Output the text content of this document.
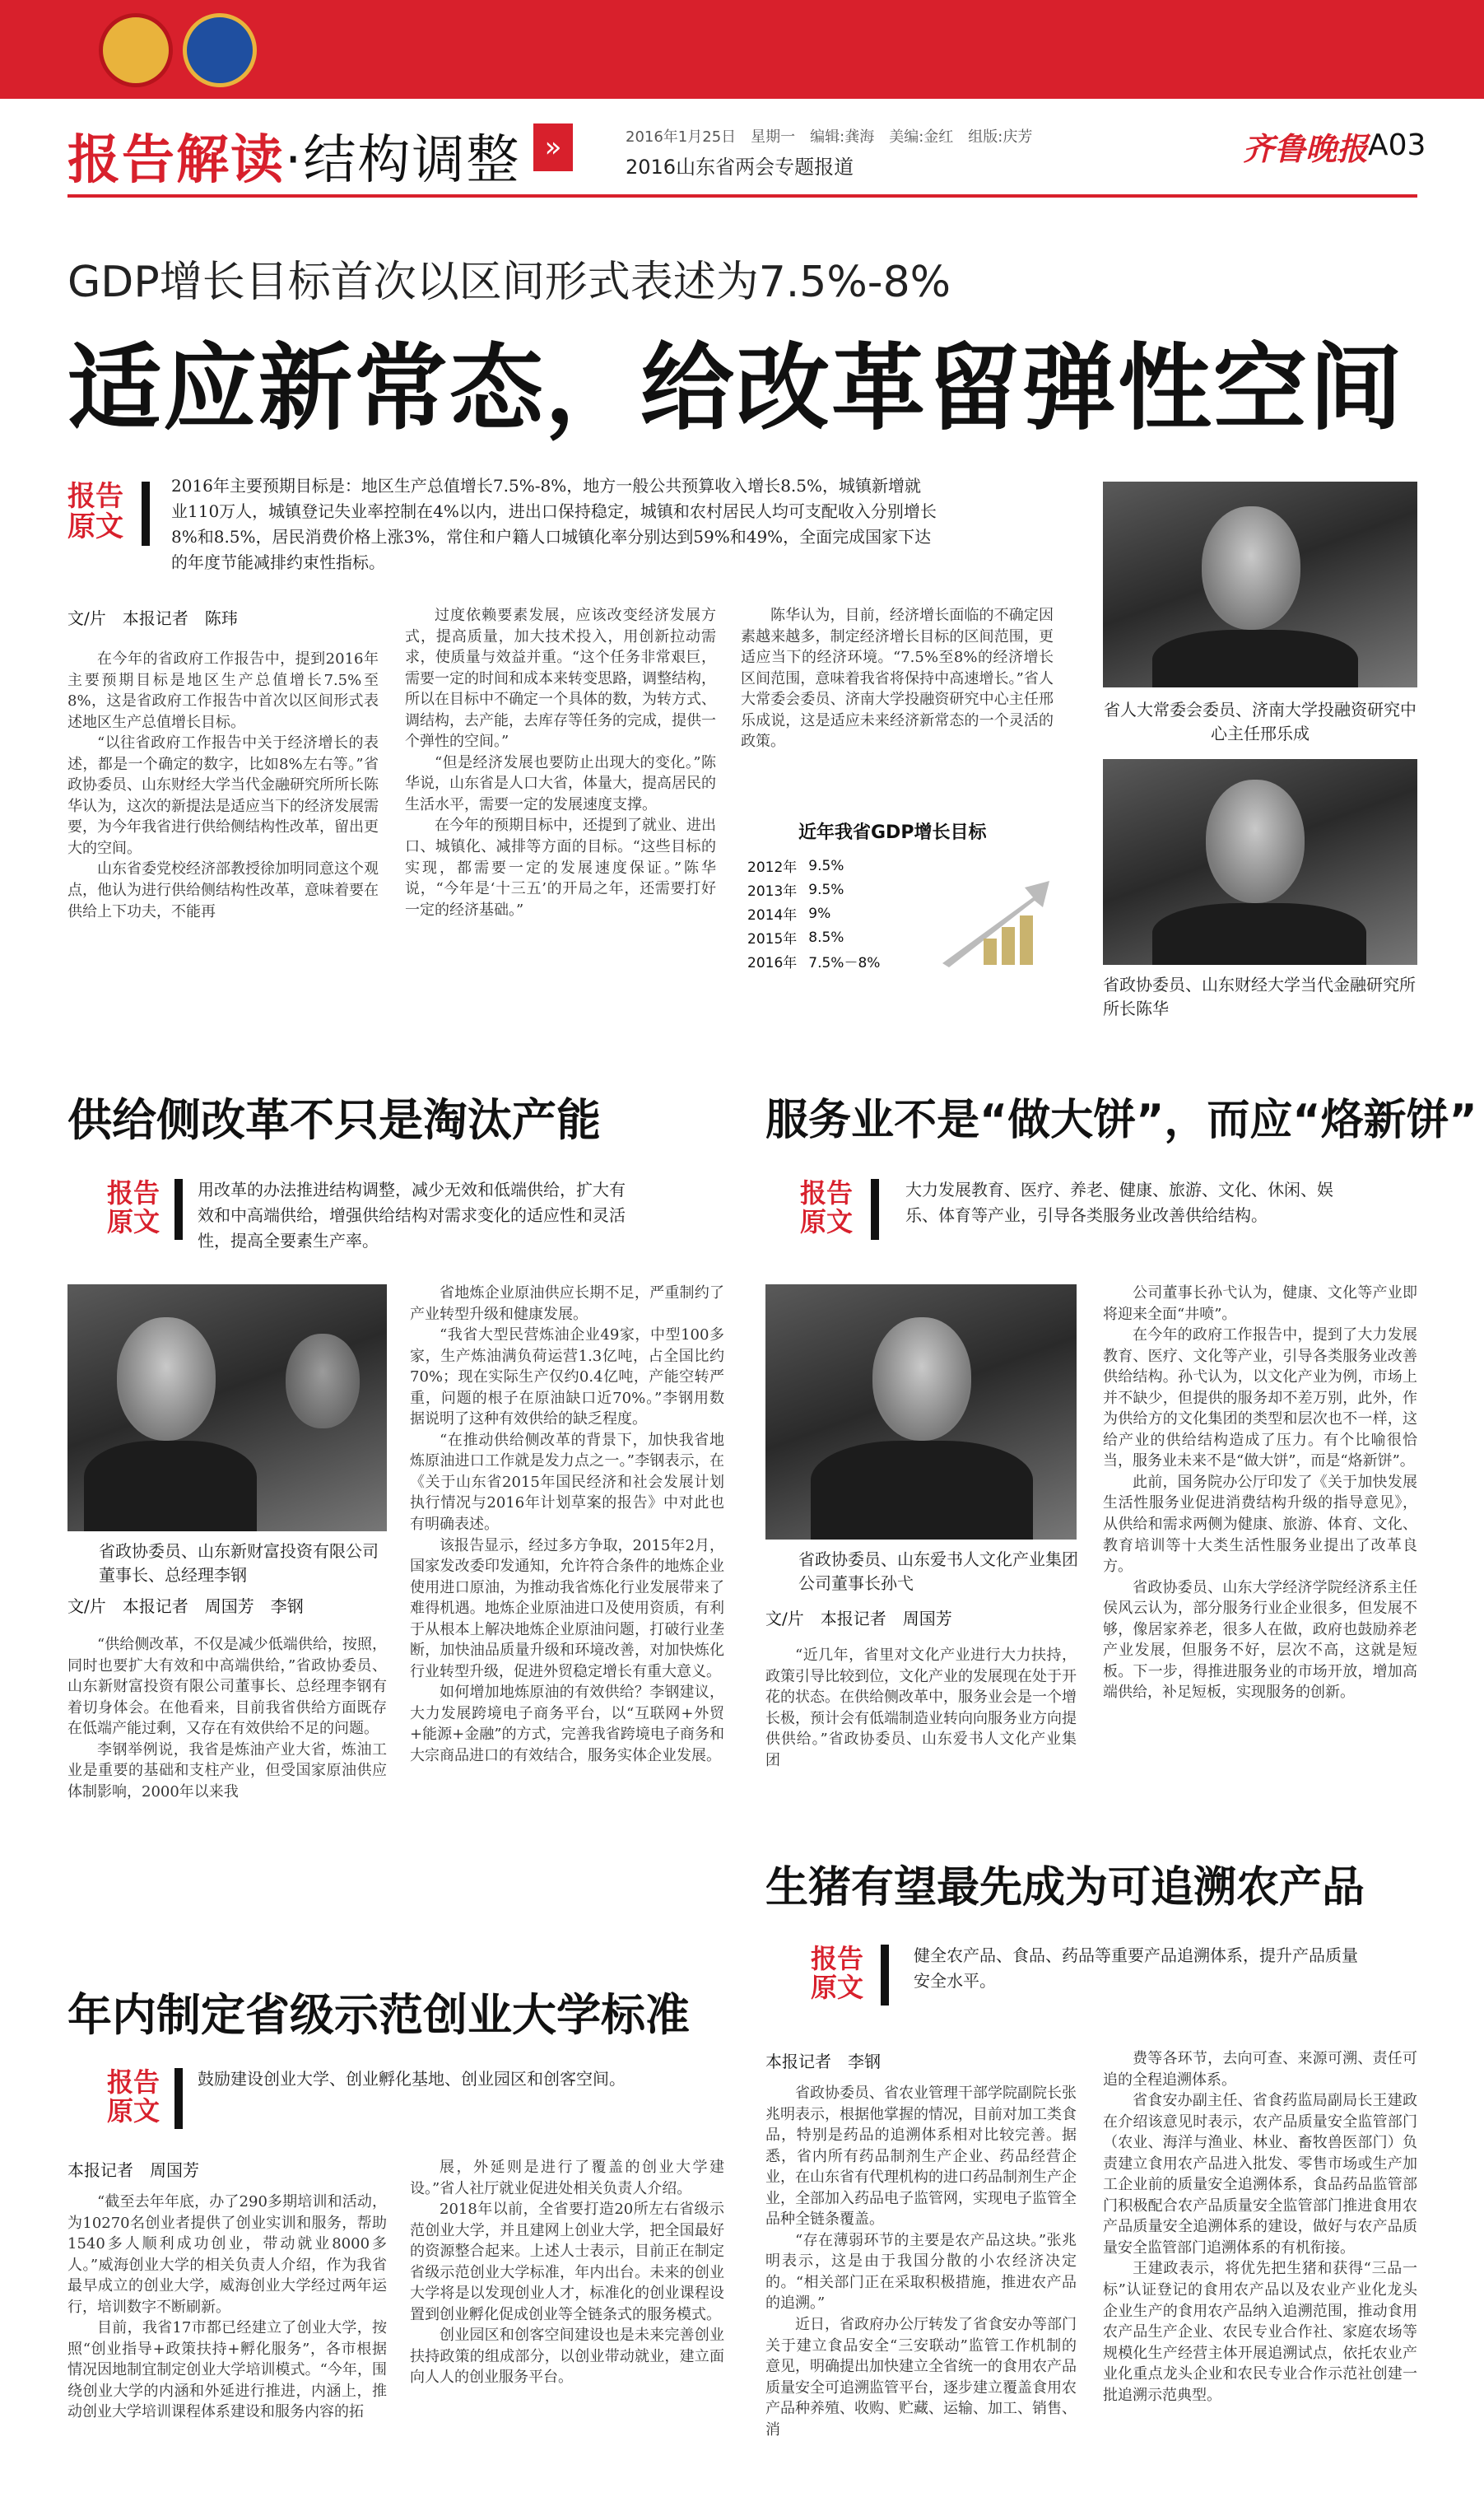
报告解读·结构调整 »	2016年1月25日　星期一　编辑:龚海　美编:金红　组版:庆芳
2016山东省两会专题报道	齐鲁晚报 A03
GDP增长目标首次以区间形式表述为7.5%-8%
适应新常态，给改革留弹性空间
报告
原文
2016年主要预期目标是：地区生产总值增长7.5%-8%，地方一般公共预算收入增长8.5%，城镇新增就业110万人，城镇登记失业率控制在4%以内，进出口保持稳定，城镇和农村居民人均可支配收入分别增长8%和8.5%，居民消费价格上涨3%，常住和户籍人口城镇化率分别达到59%和49%，全面完成国家下达的年度节能减排约束性指标。
文/片　本报记者　陈玮

在今年的省政府工作报告中，提到2016年主要预期目标是地区生产总值增长7.5%至8%，这是省政府工作报告中首次以区间形式表述地区生产总值增长目标。

“以往省政府工作报告中关于经济增长的表述，都是一个确定的数字，比如8%左右等。”省政协委员、山东财经大学当代金融研究所所长陈华认为，这次的新提法是适应当下的经济发展需要，为今年我省进行供给侧结构性改革，留出更大的空间。

山东省委党校经济部教授徐加明同意这个观点，他认为进行供给侧结构性改革，意味着要在供给上下功夫，不能再

过度依赖要素发展，应该改变经济发展方式，提高质量，加大技术投入，用创新拉动需求，使质量与效益并重。“这个任务非常艰巨，需要一定的时间和成本来转变思路，调整结构，所以在目标中不确定一个具体的数，为转方式、调结构，去产能，去库存等任务的完成，提供一个弹性的空间。”

“但是经济发展也要防止出现大的变化。”陈华说，山东省是人口大省，体量大，提高居民的生活水平，需要一定的发展速度支撑。

在今年的预期目标中，还提到了就业、进出口、城镇化、减排等方面的目标。“这些目标的实现，都需要一定的发展速度保证。”陈华说，“今年是‘十三五’的开局之年，还需要打好一定的经济基础。”

陈华认为，目前，经济增长面临的不确定因素越来越多，制定经济增长目标的区间范围，更适应当下的经济环境。“7.5%至8%的经济增长区间范围，意味着我省将保持中高速增长。”省人大常委会委员、济南大学投融资研究中心主任邢乐成说，这是适应未来经济新常态的一个灵活的政策。

近年我省GDP增长目标
2012年	9.5%
2013年	9.5%
2014年	9%
2015年	8.5%
2016年	7.5%－8%
省人大常委会委员、济南大学投融资研究中心主任邢乐成
省政协委员、山东财经大学当代金融研究所所长陈华
供给侧改革不只是淘汰产能
报告
原文
用改革的办法推进结构调整，减少无效和低端供给，扩大有效和中高端供给，增强供给结构对需求变化的适应性和灵活性，提高全要素生产率。
省政协委员、山东新财富投资有限公司董事长、总经理李钢
文/片　本报记者　周国芳　李钢

“供给侧改革，不仅是减少低端供给，按照，同时也要扩大有效和中高端供给，”省政协委员、山东新财富投资有限公司董事长、总经理李钢有着切身体会。在他看来，目前我省供给方面既存在低端产能过剩，又存在有效供给不足的问题。

李钢举例说，我省是炼油产业大省，炼油工业是重要的基础和支柱产业，但受国家原油供应体制影响，2000年以来我

省地炼企业原油供应长期不足，严重制约了产业转型升级和健康发展。

“我省大型民营炼油企业49家，中型100多家，生产炼油满负荷运营1.3亿吨，占全国比约70%；现在实际生产仅约0.4亿吨，产能空转严重，问题的根子在原油缺口近70%。”李钢用数据说明了这种有效供给的缺乏程度。

“在推动供给侧改革的背景下，加快我省地炼原油进口工作就是发力点之一。”李钢表示，在《关于山东省2015年国民经济和社会发展计划执行情况与2016年计划草案的报告》中对此也有明确表述。

该报告显示，经过多方争取，2015年2月，国家发改委印发通知，允许符合条件的地炼企业使用进口原油，为推动我省炼化行业发展带来了难得机遇。地炼企业原油进口及使用资质，有利于从根本上解决地炼企业原油问题，打破行业垄断，加快油品质量升级和环境改善，对加快炼化行业转型升级，促进外贸稳定增长有重大意义。

如何增加地炼原油的有效供给？李钢建议，大力发展跨境电子商务平台，以“互联网+外贸+能源+金融”的方式，完善我省跨境电子商务和大宗商品进口的有效结合，服务实体企业发展。

服务业不是“做大饼”，而应“烙新饼”
报告
原文
大力发展教育、医疗、养老、健康、旅游、文化、休闲、娱乐、体育等产业，引导各类服务业改善供给结构。
省政协委员、山东爱书人文化产业集团公司董事长孙弋
文/片　本报记者　周国芳

“近几年，省里对文化产业进行大力扶持，政策引导比较到位，文化产业的发展现在处于开花的状态。在供给侧改革中，服务业会是一个增长极，预计会有低端制造业转向向服务业方向提供供给。”省政协委员、山东爱书人文化产业集团

公司董事长孙弋认为，健康、文化等产业即将迎来全面“井喷”。

在今年的政府工作报告中，提到了大力发展教育、医疗、文化等产业，引导各类服务业改善供给结构。孙弋认为，以文化产业为例，市场上并不缺少，但提供的服务却不差万别，此外，作为供给方的文化集团的类型和层次也不一样，这给产业的供给结构造成了压力。有个比喻很恰当，服务业未来不是“做大饼”，而是“烙新饼”。

此前，国务院办公厅印发了《关于加快发展生活性服务业促进消费结构升级的指导意见》，从供给和需求两侧为健康、旅游、体育、文化、教育培训等十大类生活性服务业提出了改革良方。

省政协委员、山东大学经济学院经济系主任侯风云认为，部分服务行业企业很多，但发展不够，像居家养老，很多人在做，政府也鼓励养老产业发展，但服务不好，层次不高，这就是短板。下一步，得推进服务业的市场开放，增加高端供给，补足短板，实现服务的创新。

生猪有望最先成为可追溯农产品
报告
原文
健全农产品、食品、药品等重要产品追溯体系，提升产品质量安全水平。
本报记者　李钢

省政协委员、省农业管理干部学院副院长张兆明表示，根据他掌握的情况，目前对加工类食品，特别是药品的追溯体系相对比较完善。据悉，省内所有药品制剂生产企业、药品经营企业，在山东省有代理机构的进口药品制剂生产企业，全部加入药品电子监管网，实现电子监管全品种全链条覆盖。

“存在薄弱环节的主要是农产品这块。”张兆明表示，这是由于我国分散的小农经济决定的。“相关部门正在采取积极措施，推进农产品的追溯。”

近日，省政府办公厅转发了省食安办等部门关于建立食品安全“三安联动”监管工作机制的意见，明确提出加快建立全省统一的食用农产品质量安全可追溯监管平台，逐步建立覆盖食用农产品种养殖、收购、贮藏、运输、加工、销售、消

费等各环节，去向可查、来源可溯、责任可追的全程追溯体系。

省食安办副主任、省食药监局副局长王建政在介绍该意见时表示，农产品质量安全监管部门（农业、海洋与渔业、林业、畜牧兽医部门）负责建立食用农产品进入批发、零售市场或生产加工企业前的质量安全追溯体系，食品药品监管部门积极配合农产品质量安全监管部门推进食用农产品质量安全追溯体系的建设，做好与农产品质量安全监管部门追溯体系的有机衔接。

王建政表示，将优先把生猪和获得“三品一标”认证登记的食用农产品以及农业产业化龙头企业生产的食用农产品纳入追溯范围，推动食用农产品生产企业、农民专业合作社、家庭农场等规模化生产经营主体开展追溯试点，依托农业产业化重点龙头企业和农民专业合作示范社创建一批追溯示范典型。

年内制定省级示范创业大学标准
报告
原文
鼓励建设创业大学、创业孵化基地、创业园区和创客空间。
本报记者　周国芳

“截至去年年底，办了290多期培训和活动，为10270名创业者提供了创业实训和服务，帮助1540多人顺利成功创业，带动就业8000多人。”威海创业大学的相关负责人介绍，作为我省最早成立的创业大学，威海创业大学经过两年运行，培训数字不断刷新。

目前，我省17市都已经建立了创业大学，按照“创业指导+政策扶持+孵化服务”，各市根据情况因地制宜制定创业大学培训模式。“今年，围绕创业大学的内涵和外延进行推进，内涵上，推动创业大学培训课程体系建设和服务内容的拓

展，外延则是进行了覆盖的创业大学建设。”省人社厅就业促进处相关负责人介绍。

2018年以前，全省要打造20所左右省级示范创业大学，并且建网上创业大学，把全国最好的资源整合起来。上述人士表示，目前正在制定省级示范创业大学标准，年内出台。未来的创业大学将是以发现创业人才，标准化的创业课程设置到创业孵化促成创业等全链条式的服务模式。

创业园区和创客空间建设也是未来完善创业扶持政策的组成部分，以创业带动就业，建立面向人人的创业服务平台。
